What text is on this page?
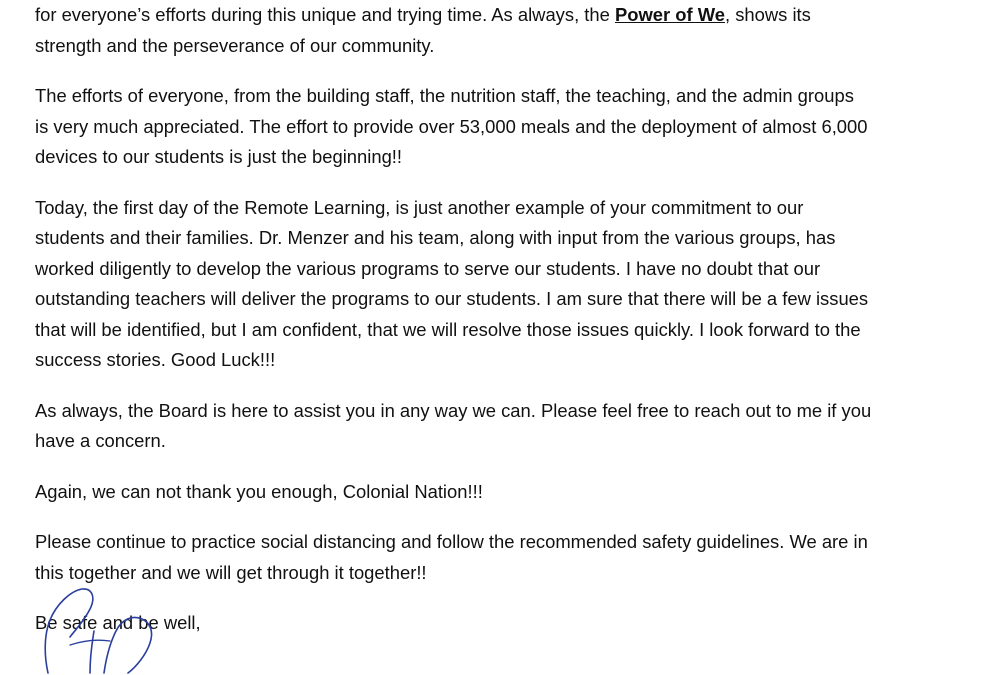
for everyone’s efforts during this unique and trying time. As always, the Power of We, shows its
strength and the perseverance of our community.

The efforts of everyone, from the building staff, the nutrition staff, the teaching, and the admin groups
is very much appreciated. The effort to provide over 53,000 meals and the deployment of almost 6,000
devices to our students is just the beginning!!

Today, the first day of the Remote Learning, is just another example of your commitment to our
students and their families. Dr. Menzer and his team, along with input from the various groups, has
worked diligently to develop the various programs to serve our students. I have no doubt that our
outstanding teachers will deliver the programs to our students. I am sure that there will be a few issues
that will be identified, but I am confident, that we will resolve those issues quickly. I look forward to the
success stories. Good Luck!!!

As always, the Board is here to assist you in any way we can. Please feel free to reach out to me if you
have a concern.

Again, we can not thank you enough, Colonial Nation!!!

Please continue to practice social distancing and follow the recommended safety guidelines. We are in
this together and we will get through it together!!

Be safe and be well,
